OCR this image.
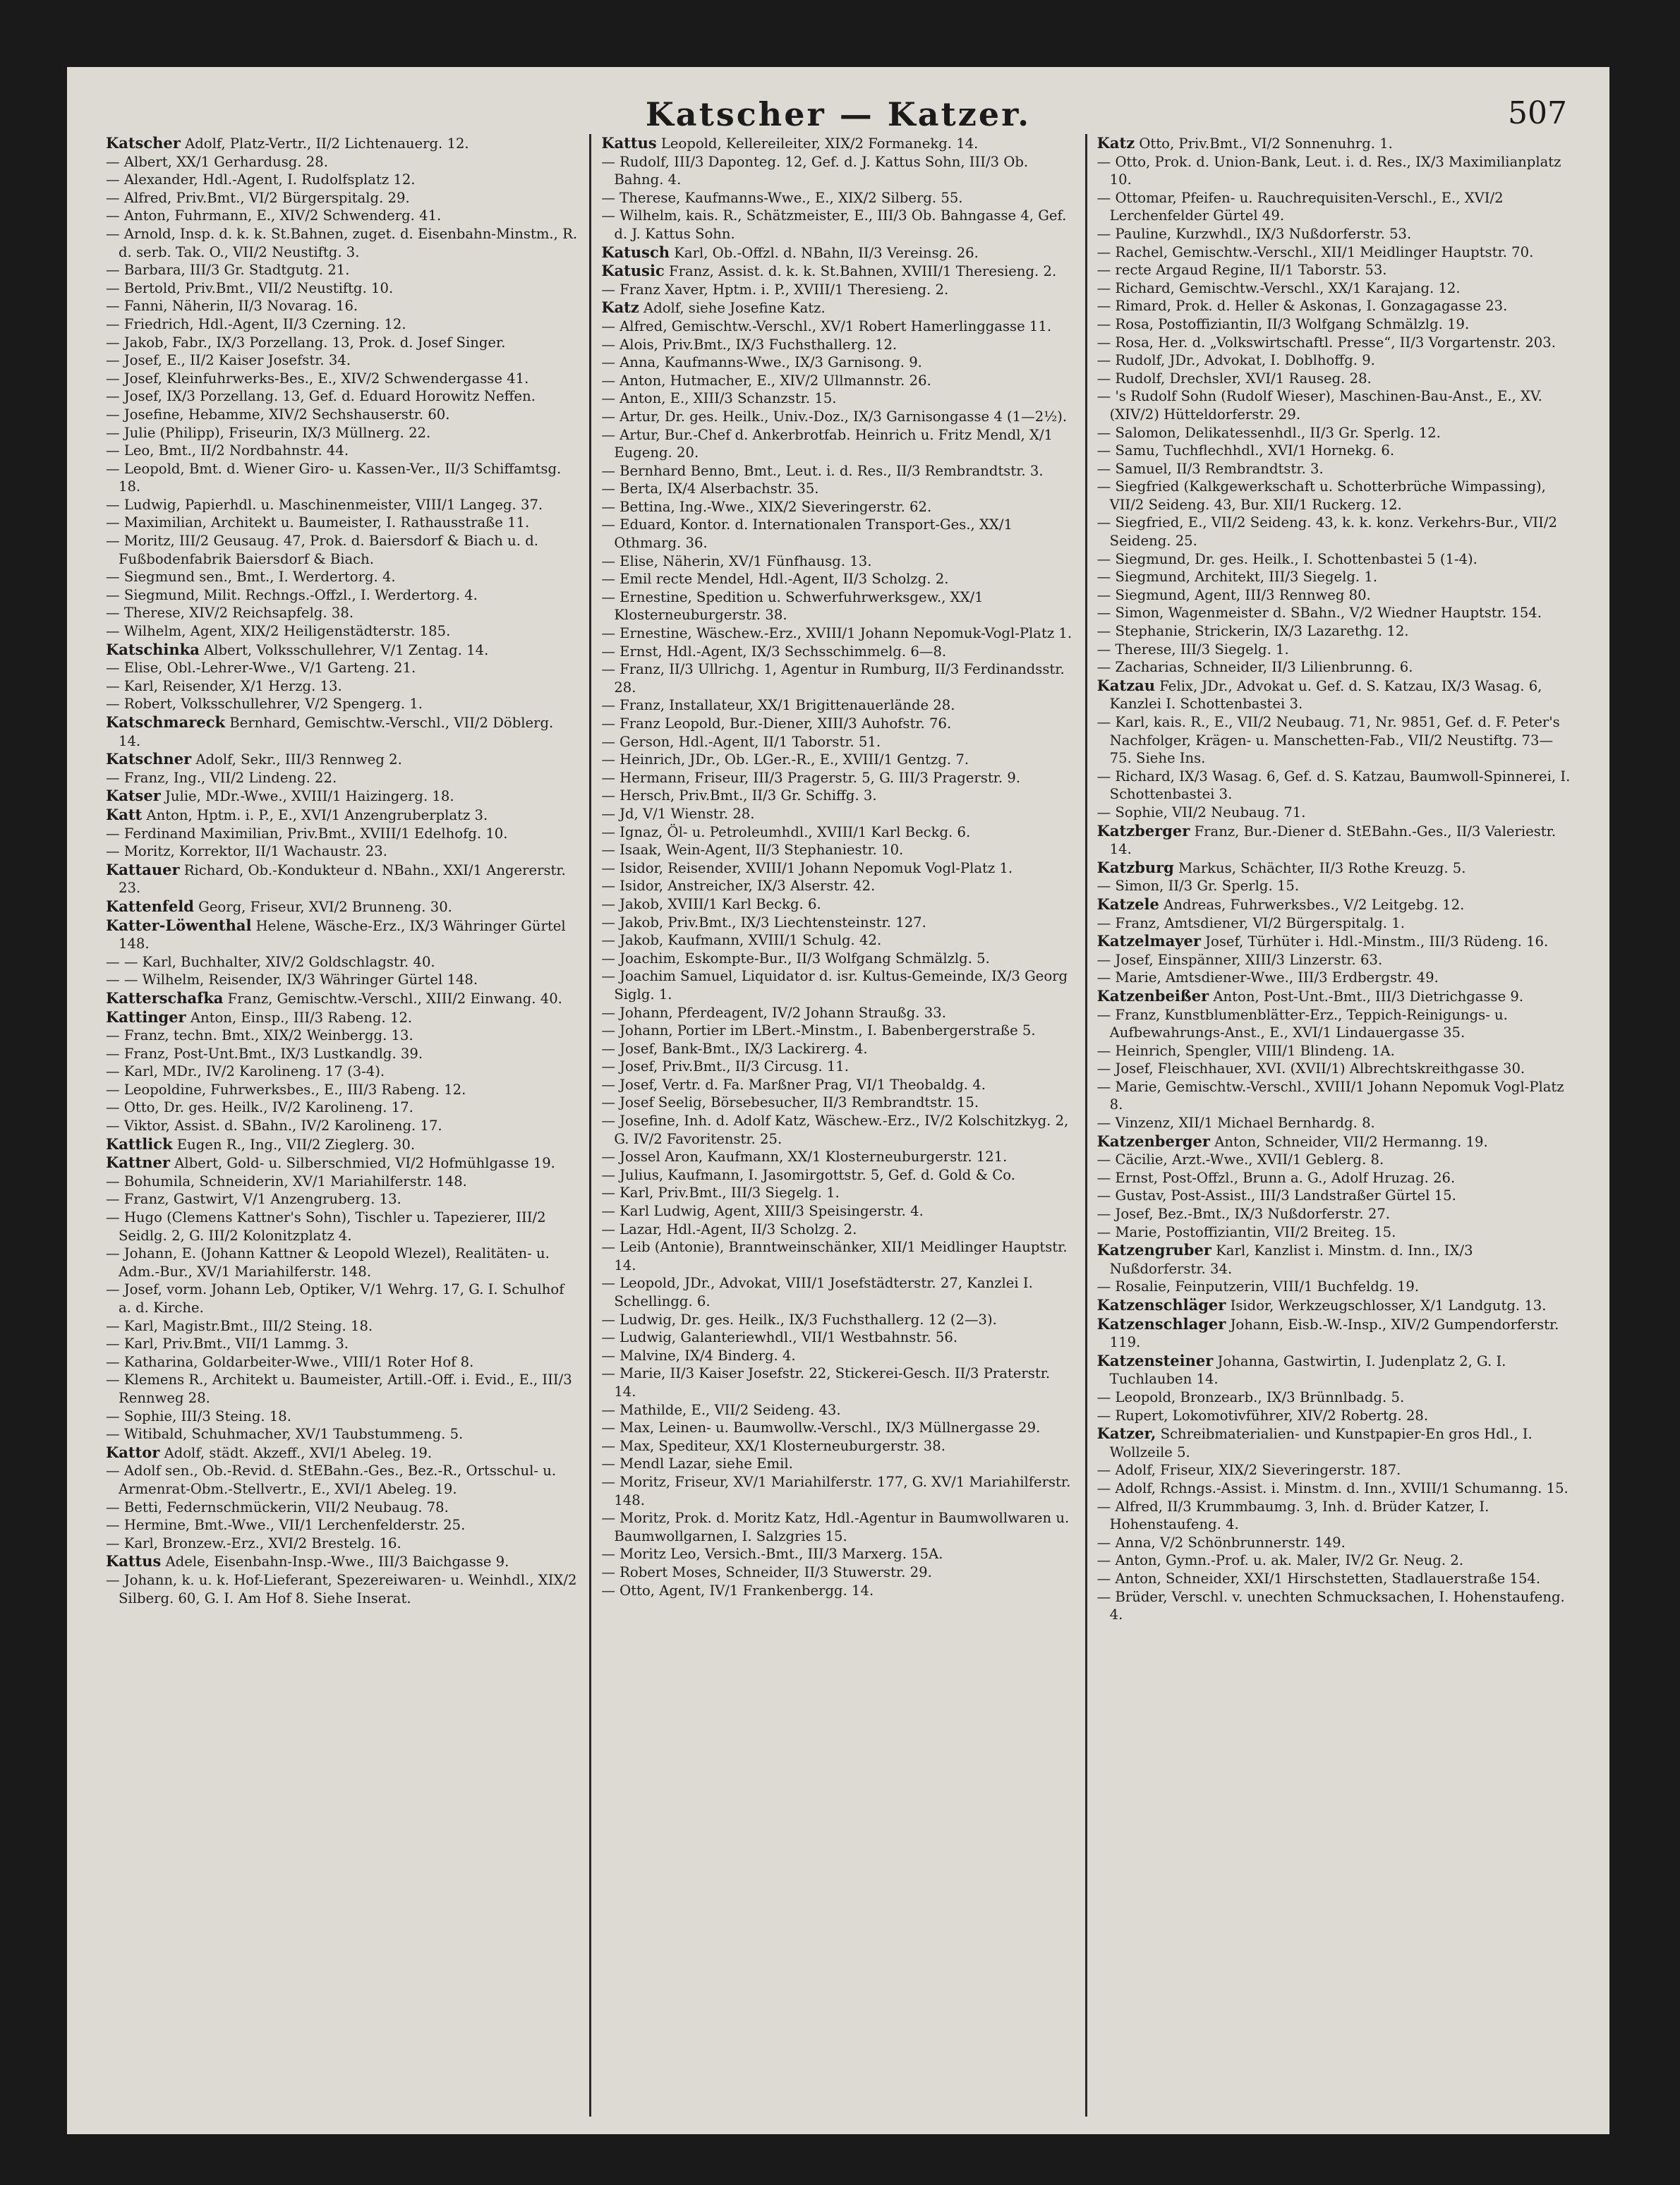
Katscher — Katzer.	507

Katscher Adolf, Platz-Vertr., II/2 Lichtenauerg. 12.

— Albert, XX/1 Gerhardusg. 28.

— Alexander, Hdl.-Agent, I. Rudolfsplatz 12.

— Alfred, Priv.Bmt., VI/2 Bürgerspitalg. 29.

— Anton, Fuhrmann, E., XIV/2 Schwenderg. 41.

— Arnold, Insp. d. k. k. St.Bahnen, zuget. d. Eisenbahn-Minstm., R. d. serb. Tak. O., VII/2 Neustiftg. 3.

— Barbara, III/3 Gr. Stadtgutg. 21.

— Bertold, Priv.Bmt., VII/2 Neustiftg. 10.

— Fanni, Näherin, II/3 Novarag. 16.

— Friedrich, Hdl.-Agent, II/3 Czerning. 12.

— Jakob, Fabr., IX/3 Porzellang. 13, Prok. d. Josef Singer.

— Josef, E., II/2 Kaiser Josefstr. 34.

— Josef, Kleinfuhrwerks-Bes., E., XIV/2 Schwendergasse 41.

— Josef, IX/3 Porzellang. 13, Gef. d. Eduard Horowitz Neffen.

— Josefine, Hebamme, XIV/2 Sechshauserstr. 60.

— Julie (Philipp), Friseurin, IX/3 Müllnerg. 22.

— Leo, Bmt., II/2 Nordbahnstr. 44.

— Leopold, Bmt. d. Wiener Giro- u. Kassen-Ver., II/3 Schiffamtsg. 18.

— Ludwig, Papierhdl. u. Maschinenmeister, VIII/1 Langeg. 37.

— Maximilian, Architekt u. Baumeister, I. Rathausstraße 11.

— Moritz, III/2 Geusaug. 47, Prok. d. Baiersdorf & Biach u. d. Fußbodenfabrik Baiersdorf & Biach.

— Siegmund sen., Bmt., I. Werdertorg. 4.

— Siegmund, Milit. Rechngs.-Offzl., I. Werdertorg. 4.

— Therese, XIV/2 Reichsapfelg. 38.

— Wilhelm, Agent, XIX/2 Heiligenstädterstr. 185.

Katschinka Albert, Volksschullehrer, V/1 Zentag. 14.

— Elise, Obl.-Lehrer-Wwe., V/1 Garteng. 21.

— Karl, Reisender, X/1 Herzg. 13.

— Robert, Volksschullehrer, V/2 Spengerg. 1.

Katschmareck Bernhard, Gemischtw.-Verschl., VII/2 Döblerg. 14.

Katschner Adolf, Sekr., III/3 Rennweg 2.

— Franz, Ing., VII/2 Lindeng. 22.

Katser Julie, MDr.-Wwe., XVIII/1 Haizingerg. 18.

Katt Anton, Hptm. i. P., E., XVI/1 Anzengruberplatz 3.

— Ferdinand Maximilian, Priv.Bmt., XVIII/1 Edelhofg. 10.

— Moritz, Korrektor, II/1 Wachaustr. 23.

Kattauer Richard, Ob.-Kondukteur d. NBahn., XXI/1 Angererstr. 23.

Kattenfeld Georg, Friseur, XVI/2 Brunneng. 30.

Katter-Löwenthal Helene, Wäsche-Erz., IX/3 Währinger Gürtel 148.

— — Karl, Buchhalter, XIV/2 Goldschlagstr. 40.

— — Wilhelm, Reisender, IX/3 Währinger Gürtel 148.

Katterschafka Franz, Gemischtw.-Verschl., XIII/2 Einwang. 40.

Kattinger Anton, Einsp., III/3 Rabeng. 12.

— Franz, techn. Bmt., XIX/2 Weinbergg. 13.

— Franz, Post-Unt.Bmt., IX/3 Lustkandlg. 39.

— Karl, MDr., IV/2 Karolineng. 17 (3-4).

— Leopoldine, Fuhrwerksbes., E., III/3 Rabeng. 12.

— Otto, Dr. ges. Heilk., IV/2 Karolineng. 17.

— Viktor, Assist. d. SBahn., IV/2 Karolineng. 17.

Kattlick Eugen R., Ing., VII/2 Zieglerg. 30.

Kattner Albert, Gold- u. Silberschmied, VI/2 Hofmühlgasse 19.

— Bohumila, Schneiderin, XV/1 Mariahilferstr. 148.

— Franz, Gastwirt, V/1 Anzengruberg. 13.

— Hugo (Clemens Kattner's Sohn), Tischler u. Tapezierer, III/2 Seidlg. 2, G. III/2 Kolonitzplatz 4.

— Johann, E. (Johann Kattner & Leopold Wlezel), Realitäten- u. Adm.-Bur., XV/1 Mariahilferstr. 148.

— Josef, vorm. Johann Leb, Optiker, V/1 Wehrg. 17, G. I. Schulhof a. d. Kirche.

— Karl, Magistr.Bmt., III/2 Steing. 18.

— Karl, Priv.Bmt., VII/1 Lammg. 3.

— Katharina, Goldarbeiter-Wwe., VIII/1 Roter Hof 8.

— Klemens R., Architekt u. Baumeister, Artill.-Off. i. Evid., E., III/3 Rennweg 28.

— Sophie, III/3 Steing. 18.

— Witibald, Schuhmacher, XV/1 Taubstummeng. 5.

Kattor Adolf, städt. Akzeff., XVI/1 Abeleg. 19.

— Adolf sen., Ob.-Revid. d. StEBahn.-Ges., Bez.-R., Ortsschul- u. Armenrat-Obm.-Stellvertr., E., XVI/1 Abeleg. 19.

— Betti, Federnschmückerin, VII/2 Neubaug. 78.

— Hermine, Bmt.-Wwe., VII/1 Lerchenfelderstr. 25.

— Karl, Bronzew.-Erz., XVI/2 Brestelg. 16.

Kattus Adele, Eisenbahn-Insp.-Wwe., III/3 Baichgasse 9.

— Johann, k. u. k. Hof-Lieferant, Spezereiwaren- u. Weinhdl., XIX/2 Silberg. 60, G. I. Am Hof 8. Siehe Inserat.

Kattus Leopold, Kellereileiter, XIX/2 Formanekg. 14.

— Rudolf, III/3 Daponteg. 12, Gef. d. J. Kattus Sohn, III/3 Ob. Bahng. 4.

— Therese, Kaufmanns-Wwe., E., XIX/2 Silberg. 55.

— Wilhelm, kais. R., Schätzmeister, E., III/3 Ob. Bahngasse 4, Gef. d. J. Kattus Sohn.

Katusch Karl, Ob.-Offzl. d. NBahn, II/3 Vereinsg. 26.

Katusic Franz, Assist. d. k. k. St.Bahnen, XVIII/1 Theresieng. 2.

— Franz Xaver, Hptm. i. P., XVIII/1 Theresieng. 2.

Katz Adolf, siehe Josefine Katz.

— Alfred, Gemischtw.-Verschl., XV/1 Robert Hamerlinggasse 11.

— Alois, Priv.Bmt., IX/3 Fuchsthallerg. 12.

— Anna, Kaufmanns-Wwe., IX/3 Garnisong. 9.

— Anton, Hutmacher, E., XIV/2 Ullmannstr. 26.

— Anton, E., XIII/3 Schanzstr. 15.

— Artur, Dr. ges. Heilk., Univ.-Doz., IX/3 Garnisongasse 4 (1—2½).

— Artur, Bur.-Chef d. Ankerbrotfab. Heinrich u. Fritz Mendl, X/1 Eugeng. 20.

— Bernhard Benno, Bmt., Leut. i. d. Res., II/3 Rembrandtstr. 3.

— Berta, IX/4 Alserbachstr. 35.

— Bettina, Ing.-Wwe., XIX/2 Sieveringerstr. 62.

— Eduard, Kontor. d. Internationalen Transport-Ges., XX/1 Othmarg. 36.

— Elise, Näherin, XV/1 Fünfhausg. 13.

— Emil recte Mendel, Hdl.-Agent, II/3 Scholzg. 2.

— Ernestine, Spedition u. Schwerfuhrwerksgew., XX/1 Klosterneuburgerstr. 38.

— Ernestine, Wäschew.-Erz., XVIII/1 Johann Nepomuk-Vogl-Platz 1.

— Ernst, Hdl.-Agent, IX/3 Sechsschimmelg. 6—8.

— Franz, II/3 Ullrichg. 1, Agentur in Rumburg, II/3 Ferdinandsstr. 28.

— Franz, Installateur, XX/1 Brigittenauerlände 28.

— Franz Leopold, Bur.-Diener, XIII/3 Auhofstr. 76.

— Gerson, Hdl.-Agent, II/1 Taborstr. 51.

— Heinrich, JDr., Ob. LGer.-R., E., XVIII/1 Gentzg. 7.

— Hermann, Friseur, III/3 Pragerstr. 5, G. III/3 Pragerstr. 9.

— Hersch, Priv.Bmt., II/3 Gr. Schiffg. 3.

— Jd, V/1 Wienstr. 28.

— Ignaz, Öl- u. Petroleumhdl., XVIII/1 Karl Beckg. 6.

— Isaak, Wein-Agent, II/3 Stephaniestr. 10.

— Isidor, Reisender, XVIII/1 Johann Nepomuk Vogl-Platz 1.

— Isidor, Anstreicher, IX/3 Alserstr. 42.

— Jakob, XVIII/1 Karl Beckg. 6.

— Jakob, Priv.Bmt., IX/3 Liechtensteinstr. 127.

— Jakob, Kaufmann, XVIII/1 Schulg. 42.

— Joachim, Eskompte-Bur., II/3 Wolfgang Schmälzlg. 5.

— Joachim Samuel, Liquidator d. isr. Kultus-Gemeinde, IX/3 Georg Siglg. 1.

— Johann, Pferdeagent, IV/2 Johann Straußg. 33.

— Johann, Portier im LBert.-Minstm., I. Babenbergerstraße 5.

— Josef, Bank-Bmt., IX/3 Lackirerg. 4.

— Josef, Priv.Bmt., II/3 Circusg. 11.

— Josef, Vertr. d. Fa. Marßner Prag, VI/1 Theobaldg. 4.

— Josef Seelig, Börsebesucher, II/3 Rembrandtstr. 15.

— Josefine, Inh. d. Adolf Katz, Wäschew.-Erz., IV/2 Kolschitzkyg. 2, G. IV/2 Favoritenstr. 25.

— Jossel Aron, Kaufmann, XX/1 Klosterneuburgerstr. 121.

— Julius, Kaufmann, I. Jasomirgottstr. 5, Gef. d. Gold & Co.

— Karl, Priv.Bmt., III/3 Siegelg. 1.

— Karl Ludwig, Agent, XIII/3 Speisingerstr. 4.

— Lazar, Hdl.-Agent, II/3 Scholzg. 2.

— Leib (Antonie), Branntweinschänker, XII/1 Meidlinger Hauptstr. 14.

— Leopold, JDr., Advokat, VIII/1 Josefstädterstr. 27, Kanzlei I. Schellingg. 6.

— Ludwig, Dr. ges. Heilk., IX/3 Fuchsthallerg. 12 (2—3).

— Ludwig, Galanteriewhdl., VII/1 Westbahnstr. 56.

— Malvine, IX/4 Binderg. 4.

— Marie, II/3 Kaiser Josefstr. 22, Stickerei-Gesch. II/3 Praterstr. 14.

— Mathilde, E., VII/2 Seideng. 43.

— Max, Leinen- u. Baumwollw.-Verschl., IX/3 Müllnergasse 29.

— Max, Spediteur, XX/1 Klosterneuburgerstr. 38.

— Mendl Lazar, siehe Emil.

— Moritz, Friseur, XV/1 Mariahilferstr. 177, G. XV/1 Mariahilferstr. 148.

— Moritz, Prok. d. Moritz Katz, Hdl.-Agentur in Baumwollwaren u. Baumwollgarnen, I. Salzgries 15.

— Moritz Leo, Versich.-Bmt., III/3 Marxerg. 15A.

— Robert Moses, Schneider, II/3 Stuwerstr. 29.

— Otto, Agent, IV/1 Frankenbergg. 14.

Katz Otto, Priv.Bmt., VI/2 Sonnenuhrg. 1.

— Otto, Prok. d. Union-Bank, Leut. i. d. Res., IX/3 Maximilianplatz 10.

— Ottomar, Pfeifen- u. Rauchrequisiten-Verschl., E., XVI/2 Lerchenfelder Gürtel 49.

— Pauline, Kurzwhdl., IX/3 Nußdorferstr. 53.

— Rachel, Gemischtw.-Verschl., XII/1 Meidlinger Hauptstr. 70.

— recte Argaud Regine, II/1 Taborstr. 53.

— Richard, Gemischtw.-Verschl., XX/1 Karajang. 12.

— Rimard, Prok. d. Heller & Askonas, I. Gonzagagasse 23.

— Rosa, Postoffiziantin, II/3 Wolfgang Schmälzlg. 19.

— Rosa, Her. d. „Volkswirtschaftl. Presse“, II/3 Vorgartenstr. 203.

— Rudolf, JDr., Advokat, I. Doblhoffg. 9.

— Rudolf, Drechsler, XVI/1 Rauseg. 28.

— 's Rudolf Sohn (Rudolf Wieser), Maschinen-Bau-Anst., E., XV. (XIV/2) Hütteldorferstr. 29.

— Salomon, Delikatessenhdl., II/3 Gr. Sperlg. 12.

— Samu, Tuchflechhdl., XVI/1 Hornekg. 6.

— Samuel, II/3 Rembrandtstr. 3.

— Siegfried (Kalkgewerkschaft u. Schotterbrüche Wimpassing), VII/2 Seideng. 43, Bur. XII/1 Ruckerg. 12.

— Siegfried, E., VII/2 Seideng. 43, k. k. konz. Verkehrs-Bur., VII/2 Seideng. 25.

— Siegmund, Dr. ges. Heilk., I. Schottenbastei 5 (1-4).

— Siegmund, Architekt, III/3 Siegelg. 1.

— Siegmund, Agent, III/3 Rennweg 80.

— Simon, Wagenmeister d. SBahn., V/2 Wiedner Hauptstr. 154.

— Stephanie, Strickerin, IX/3 Lazarethg. 12.

— Therese, III/3 Siegelg. 1.

— Zacharias, Schneider, II/3 Lilienbrunng. 6.

Katzau Felix, JDr., Advokat u. Gef. d. S. Katzau, IX/3 Wasag. 6, Kanzlei I. Schottenbastei 3.

— Karl, kais. R., E., VII/2 Neubaug. 71, Nr. 9851, Gef. d. F. Peter's Nachfolger, Krägen- u. Manschetten-Fab., VII/2 Neustiftg. 73—75. Siehe Ins.

— Richard, IX/3 Wasag. 6, Gef. d. S. Katzau, Baumwoll-Spinnerei, I. Schottenbastei 3.

— Sophie, VII/2 Neubaug. 71.

Katzberger Franz, Bur.-Diener d. StEBahn.-Ges., II/3 Valeriestr. 14.

Katzburg Markus, Schächter, II/3 Rothe Kreuzg. 5.

— Simon, II/3 Gr. Sperlg. 15.

Katzele Andreas, Fuhrwerksbes., V/2 Leitgebg. 12.

— Franz, Amtsdiener, VI/2 Bürgerspitalg. 1.

Katzelmayer Josef, Türhüter i. Hdl.-Minstm., III/3 Rüdeng. 16.

— Josef, Einspänner, XIII/3 Linzerstr. 63.

— Marie, Amtsdiener-Wwe., III/3 Erdbergstr. 49.

Katzenbeißer Anton, Post-Unt.-Bmt., III/3 Dietrichgasse 9.

— Franz, Kunstblumenblätter-Erz., Teppich-Reinigungs- u. Aufbewahrungs-Anst., E., XVI/1 Lindauergasse 35.

— Heinrich, Spengler, VIII/1 Blindeng. 1A.

— Josef, Fleischhauer, XVI. (XVII/1) Albrechtskreithgasse 30.

— Marie, Gemischtw.-Verschl., XVIII/1 Johann Nepomuk Vogl-Platz 8.

— Vinzenz, XII/1 Michael Bernhardg. 8.

Katzenberger Anton, Schneider, VII/2 Hermanng. 19.

— Cäcilie, Arzt.-Wwe., XVII/1 Geblerg. 8.

— Ernst, Post-Offzl., Brunn a. G., Adolf Hruzag. 26.

— Gustav, Post-Assist., III/3 Landstraßer Gürtel 15.

— Josef, Bez.-Bmt., IX/3 Nußdorferstr. 27.

— Marie, Postoffiziantin, VII/2 Breiteg. 15.

Katzengruber Karl, Kanzlist i. Minstm. d. Inn., IX/3 Nußdorferstr. 34.

— Rosalie, Feinputzerin, VIII/1 Buchfeldg. 19.

Katzenschläger Isidor, Werkzeugschlosser, X/1 Landgutg. 13.

Katzenschlager Johann, Eisb.-W.-Insp., XIV/2 Gumpendorferstr. 119.

Katzensteiner Johanna, Gastwirtin, I. Judenplatz 2, G. I. Tuchlauben 14.

— Leopold, Bronzearb., IX/3 Brünnlbadg. 5.

— Rupert, Lokomotivführer, XIV/2 Robertg. 28.

Katzer, Schreibmaterialien- und Kunstpapier-En gros Hdl., I. Wollzeile 5.

— Adolf, Friseur, XIX/2 Sieveringerstr. 187.

— Adolf, Rchngs.-Assist. i. Minstm. d. Inn., XVIII/1 Schumanng. 15.

— Alfred, II/3 Krummbaumg. 3, Inh. d. Brüder Katzer, I. Hohenstaufeng. 4.

— Anna, V/2 Schönbrunnerstr. 149.

— Anton, Gymn.-Prof. u. ak. Maler, IV/2 Gr. Neug. 2.

— Anton, Schneider, XXI/1 Hirschstetten, Stadlauerstraße 154.

— Brüder, Verschl. v. unechten Schmucksachen, I. Hohenstaufeng. 4.
